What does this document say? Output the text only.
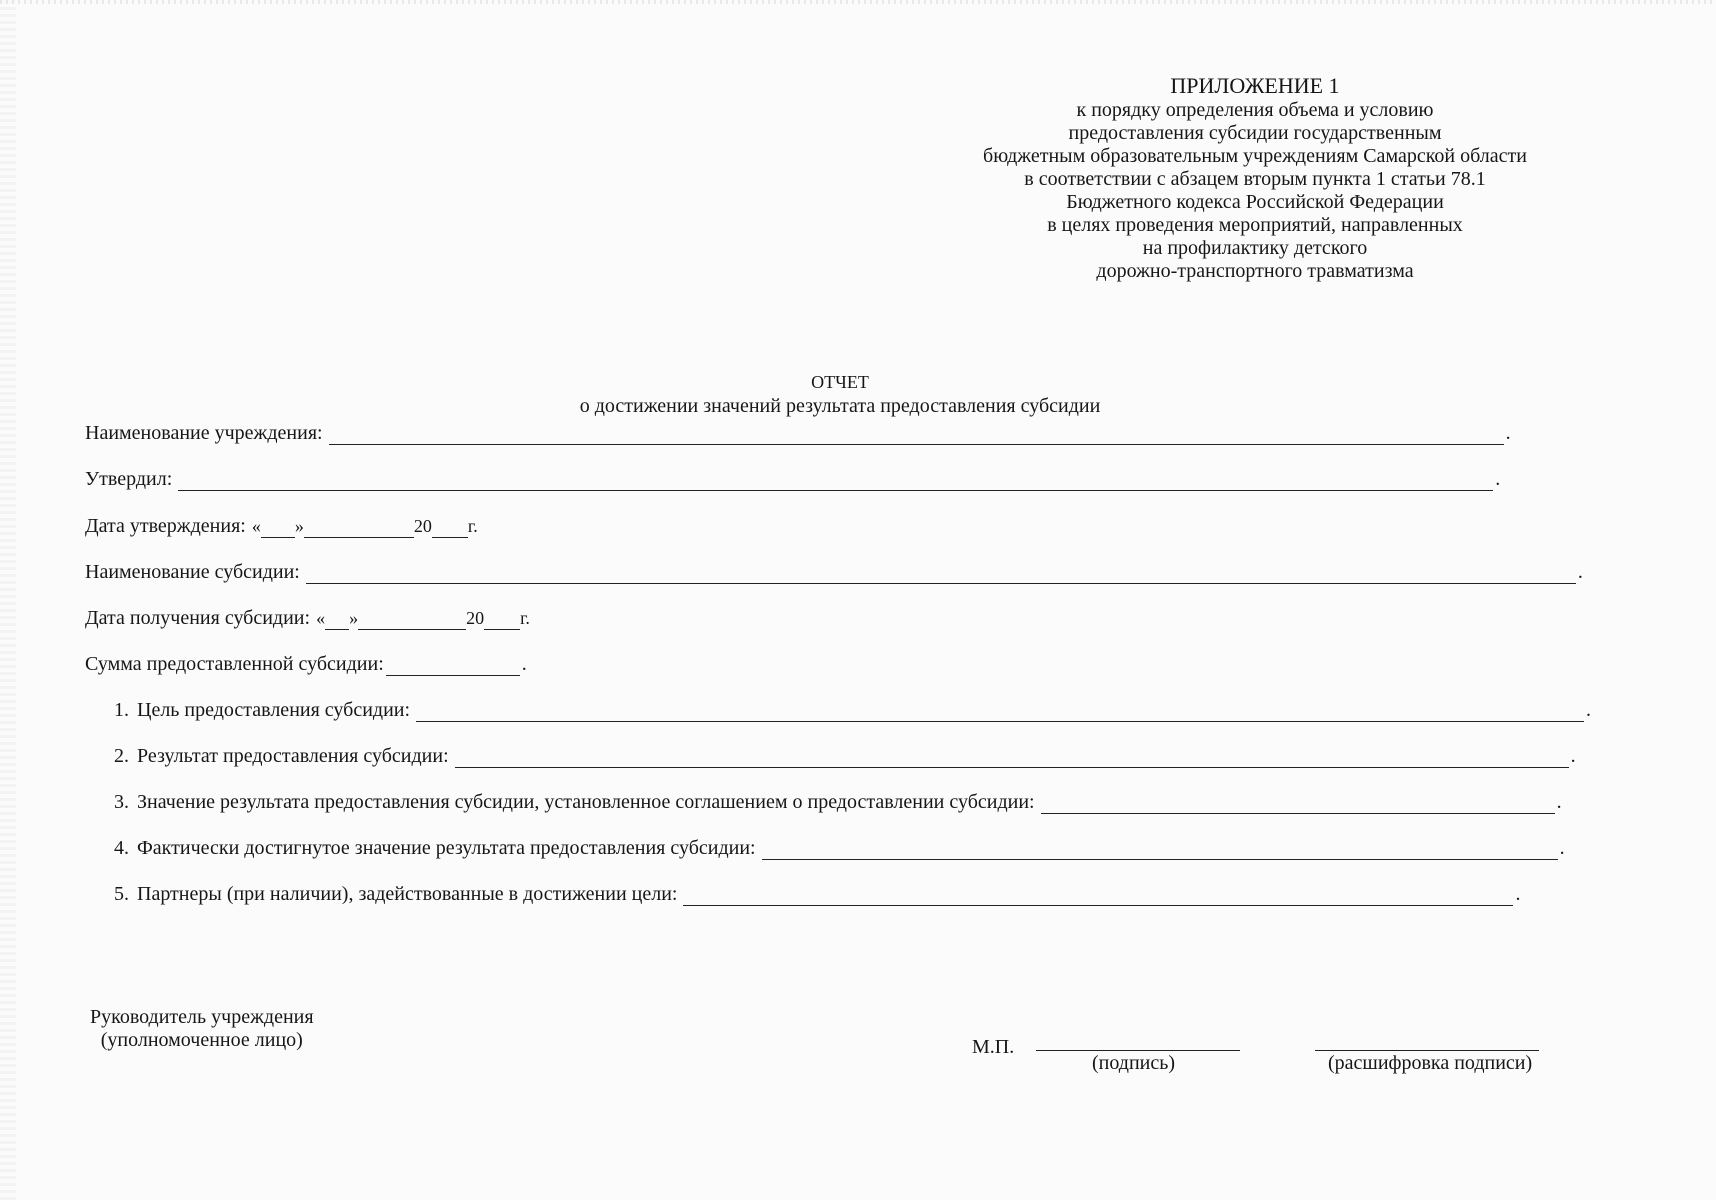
ПРИЛОЖЕНИЕ 1
к порядку определения объема и условию
предоставления субсидии государственным
бюджетным образовательным учреждениям Самарской области
в соответствии с абзацем вторым пункта 1 статьи 78.1
Бюджетного кодекса Российской Федерации
в целях проведения мероприятий, направленных
на профилактику детского
дорожно-транспортного травматизма
ОТЧЕТ
о достижении значений результата предоставления субсидии
Наименование учреждения:	.
Утвердил:	.
Дата утверждения: « »	20 г.
Наименование субсидии:	.
Дата получения субсидии: « »	20 г.
Сумма предоставленной субсидии:	.
1. Цель предоставления субсидии:	.
2. Результат предоставления субсидии:	.
3. Значение результата предоставления субсидии, установленное соглашением о предоставлении субсидии:	.
4. Фактически достигнутое значение результата предоставления субсидии:	.
5. Партнеры (при наличии), задействованные в достижении цели:	.
Руководитель учреждения
(уполномоченное лицо)	М.П.
(подпись)	(расшифровка подписи)
